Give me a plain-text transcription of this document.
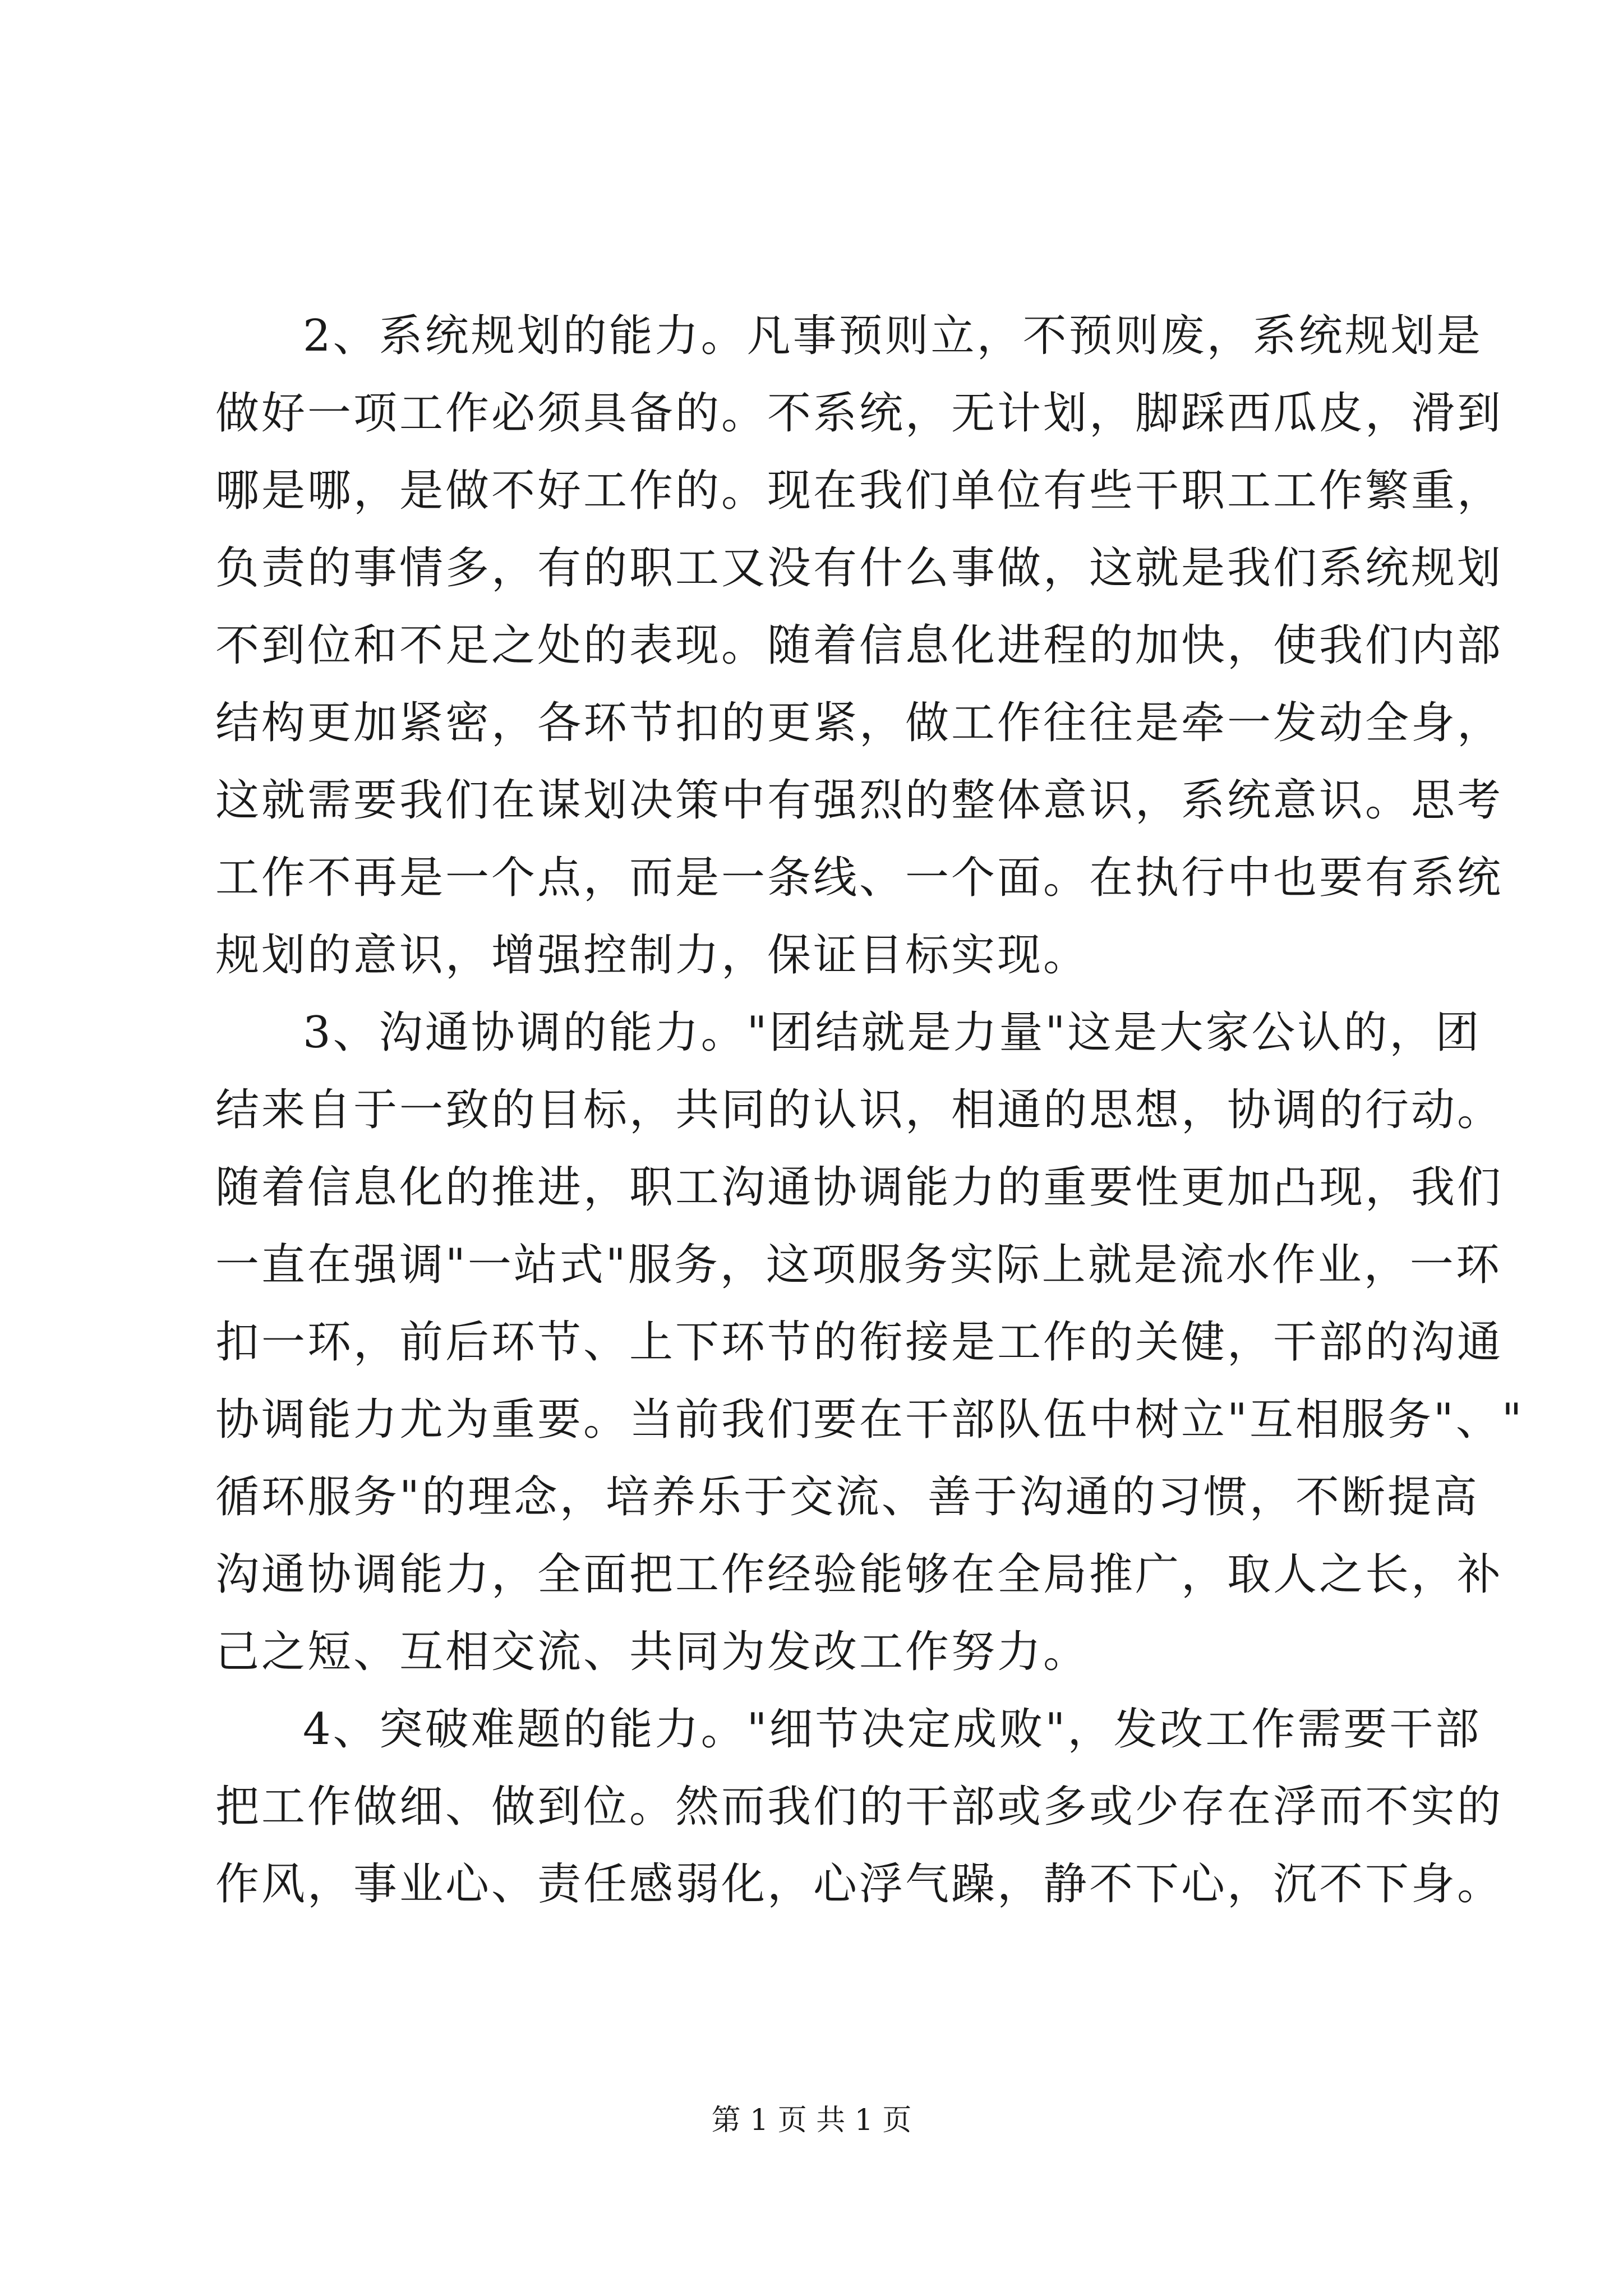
2、系统规划的能力。凡事预则立，不预则废，系统规划是
做好一项工作必须具备的。不系统，无计划，脚踩西瓜皮，滑到
哪是哪，是做不好工作的。现在我们单位有些干职工工作繁重，
负责的事情多，有的职工又没有什么事做，这就是我们系统规划
不到位和不足之处的表现。随着信息化进程的加快，使我们内部
结构更加紧密，各环节扣的更紧，做工作往往是牵一发动全身，
这就需要我们在谋划决策中有强烈的整体意识，系统意识。思考
工作不再是一个点，而是一条线、一个面。在执行中也要有系统
规划的意识，增强控制力，保证目标实现。
3、沟通协调的能力。"团结就是力量"这是大家公认的，团
结来自于一致的目标，共同的认识，相通的思想，协调的行动。
随着信息化的推进，职工沟通协调能力的重要性更加凸现，我们
一直在强调"一站式"服务，这项服务实际上就是流水作业，一环
扣一环，前后环节、上下环节的衔接是工作的关健，干部的沟通
协调能力尤为重要。当前我们要在干部队伍中树立"互相服务"、"
循环服务"的理念，培养乐于交流、善于沟通的习惯，不断提高
沟通协调能力，全面把工作经验能够在全局推广，取人之长，补
己之短、互相交流、共同为发改工作努力。
4、突破难题的能力。"细节决定成败"，发改工作需要干部
把工作做细、做到位。然而我们的干部或多或少存在浮而不实的
作风，事业心、责任感弱化，心浮气躁，静不下心，沉不下身。
第 1 页 共 1 页
